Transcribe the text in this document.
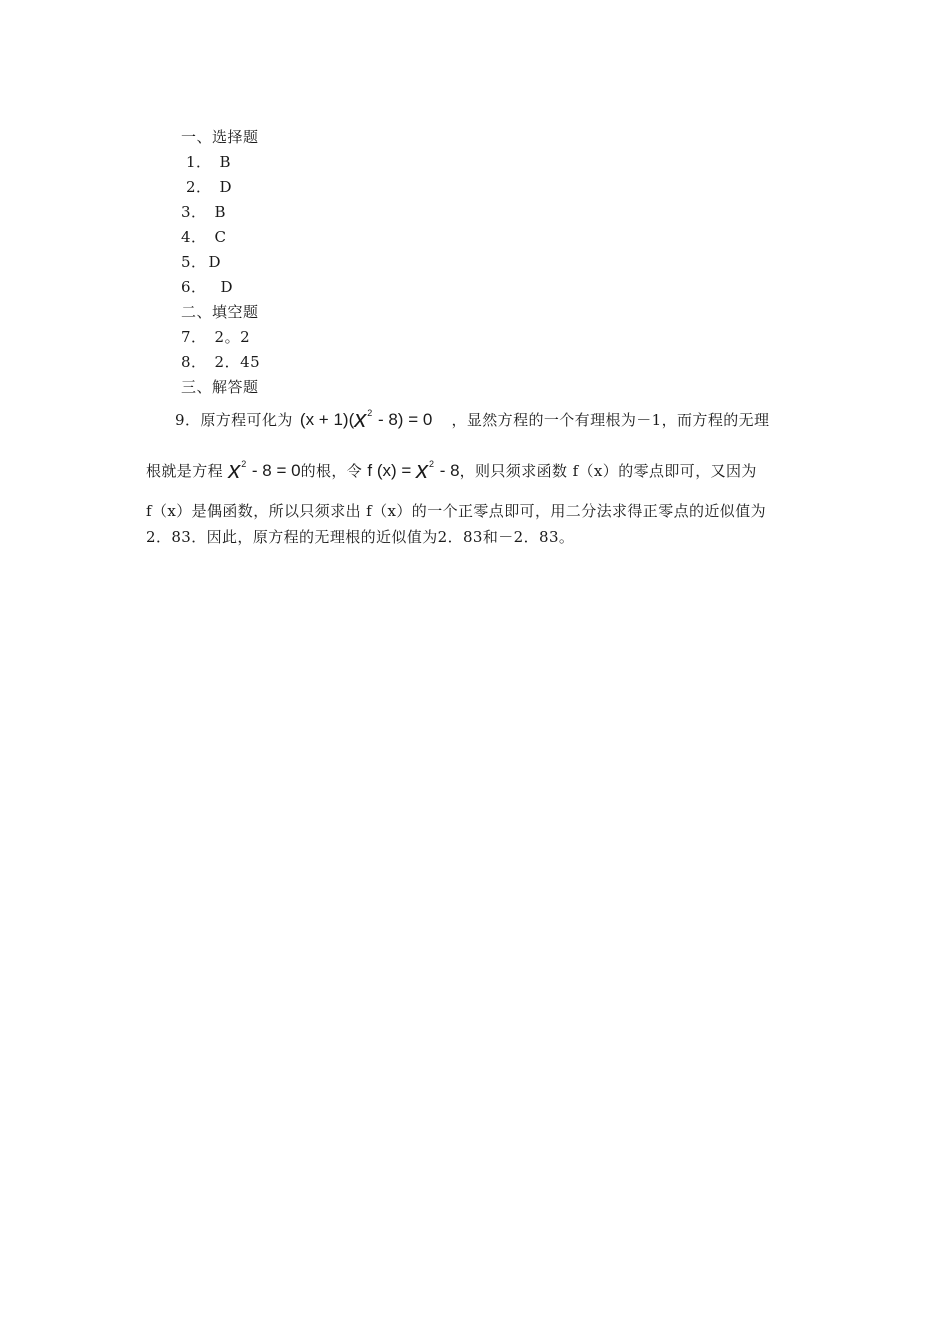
一、选择题
1． B
2． D
3． B
4． C
5． D
6． D
二、填空题
7． 2。2
8． 2．45
三、解答题
9．原方程可化为 $(x + 1)(x^2 - 8) = 0$ ，显然方程的一个有理根为－1，而方程的无理
根就是方程 $x^2 - 8 = 0$的根，令 f $(x) = x^2 - 8$，则只须求函数 f（x）的零点即可，又因为
f（x）是偶函数，所以只须求出 f（x）的一个正零点即可，用二分法求得正零点的近似值为
2．83．因此，原方程的无理根的近似值为2．83和－2．83。
